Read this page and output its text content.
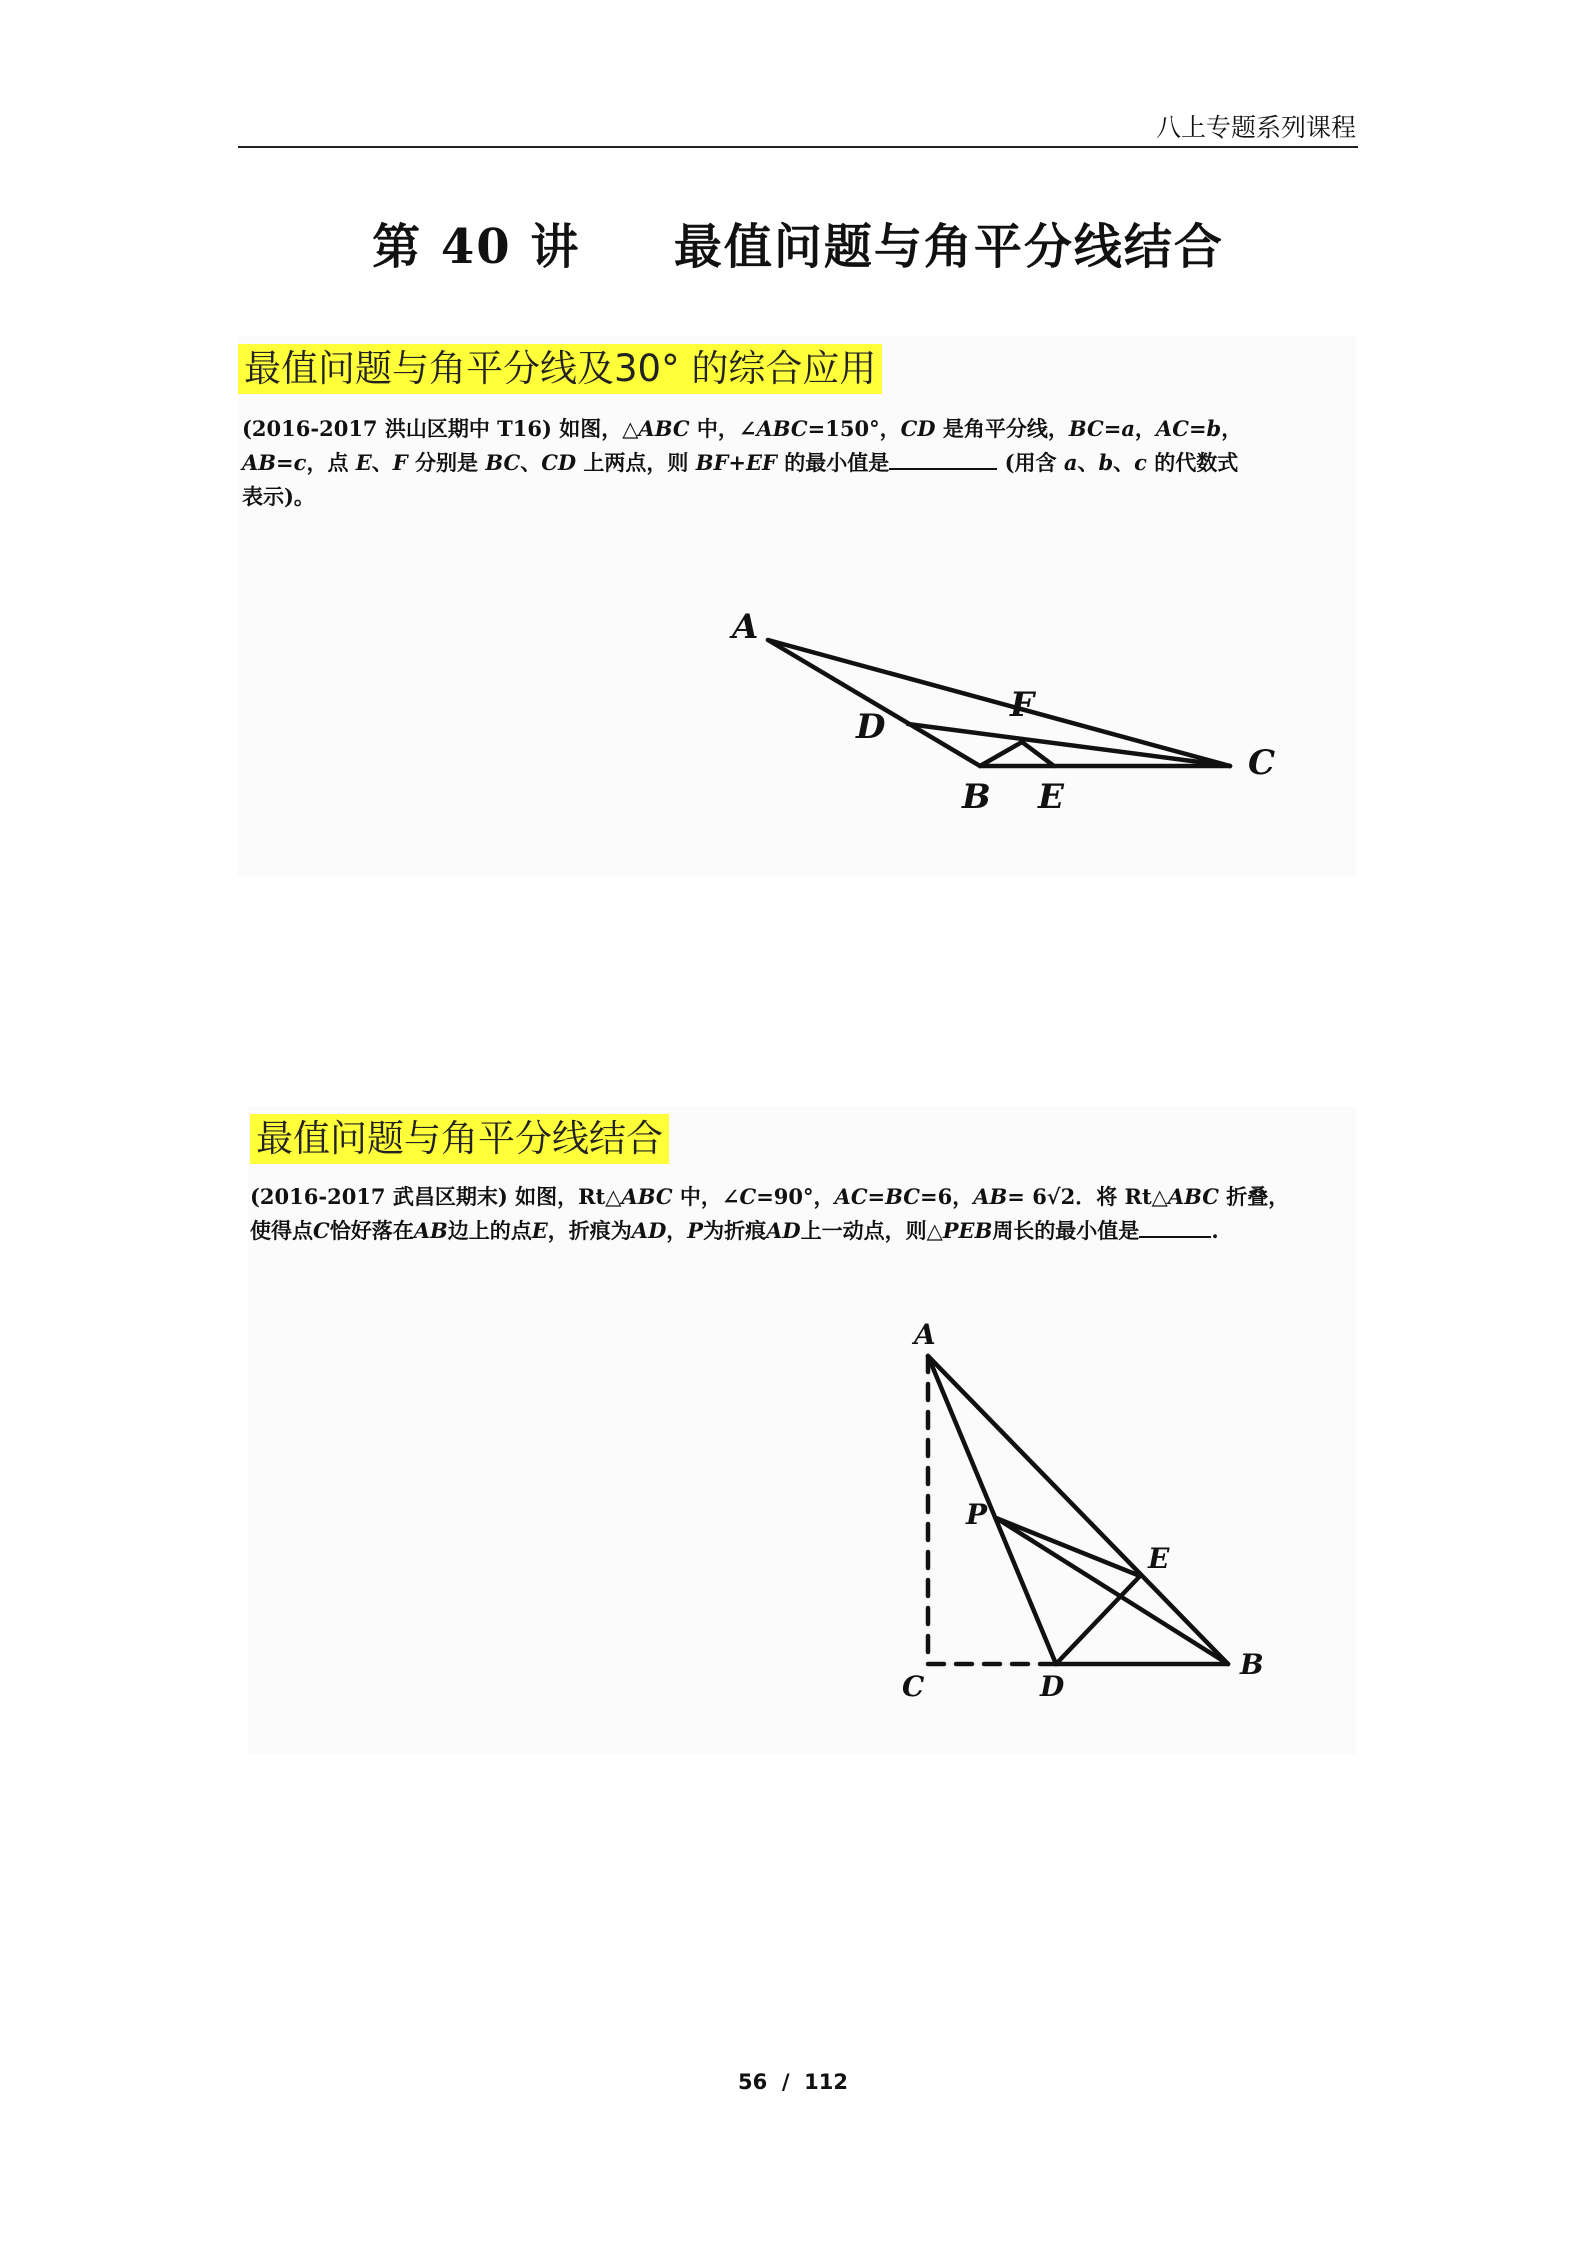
八上专题系列课程
第 40 讲     最值问题与角平分线结合
最值问题与角平分线及30° 的综合应用
(2016-2017 洪山区期中 T16) 如图，△ABC 中，∠ABC=150°，CD 是角平分线，BC=a，AC=b，
AB=c，点 E、F 分别是 BC、CD 上两点，则 BF+EF 的最小值是	(用含 a、b、c 的代数式
表示)。
A
D
F
C
B E
最值问题与角平分线结合
(2016-2017 武昌区期末) 如图，Rt△ABC 中，∠C=90°，AC=BC=6，AB= 6√2．将 Rt△ABC 折叠，
使得点C恰好落在AB边上的点E，折痕为AD，P为折痕AD上一动点，则△PEB周长的最小值是	.
A
P
E
C	D
B
56  /  112
